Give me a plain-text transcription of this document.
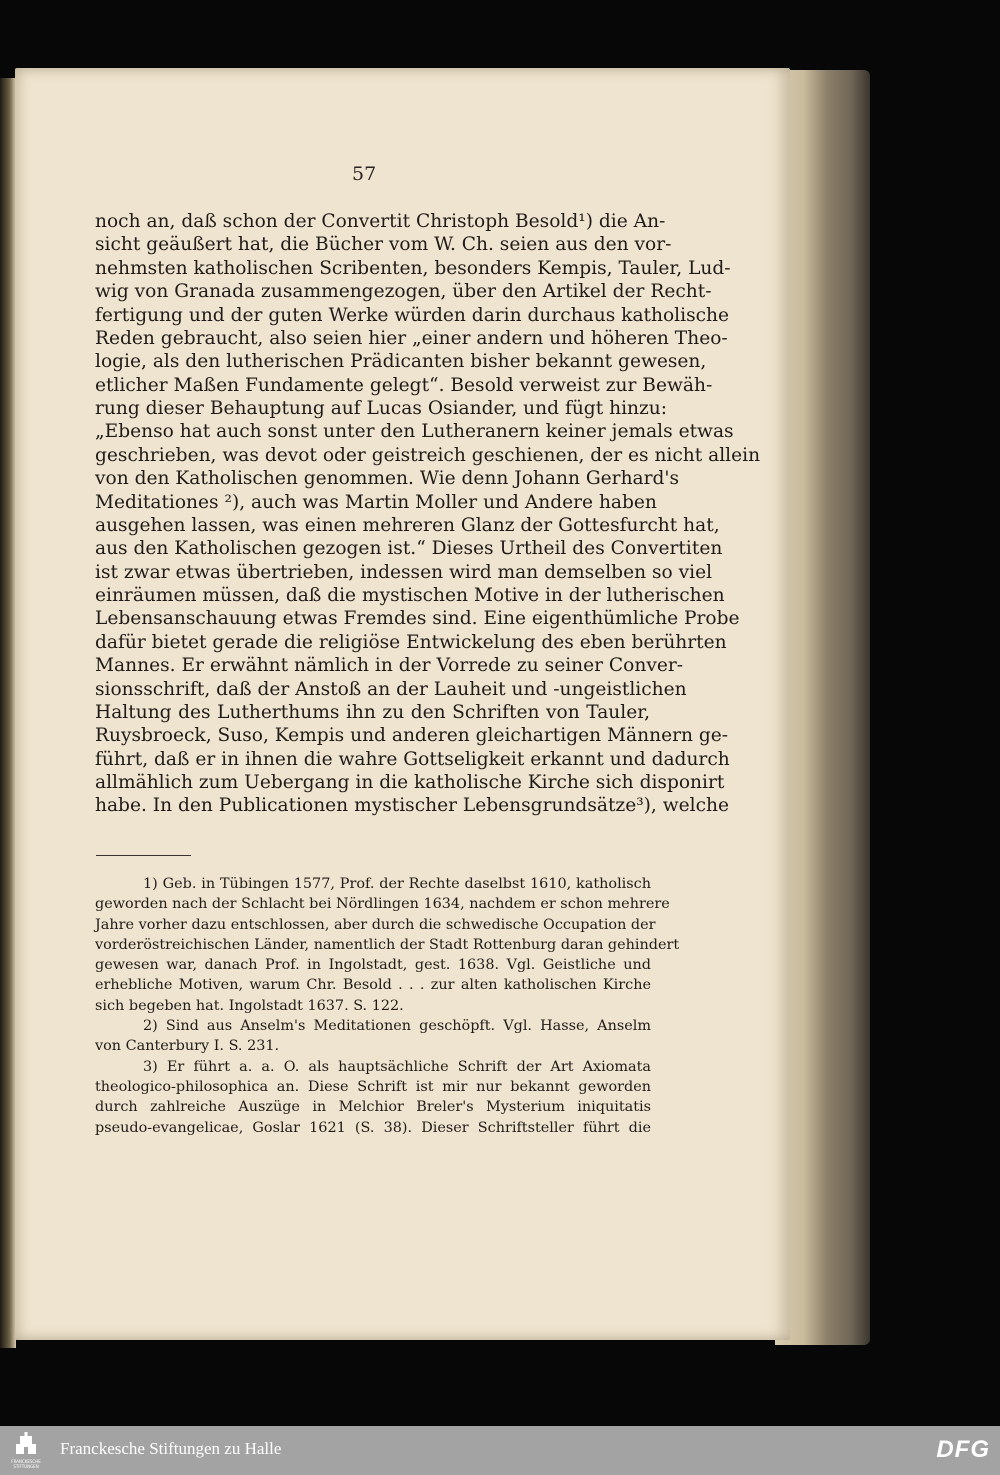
57
noch an, daß schon der Convertit Christoph Besold¹) die An-
sicht geäußert hat, die Bücher vom W. Ch. seien aus den vor-
nehmsten katholischen Scribenten, besonders Kempis, Tauler, Lud-
wig von Granada zusammengezogen, über den Artikel der Recht-
fertigung und der guten Werke würden darin durchaus katholische
Reden gebraucht, also seien hier „einer andern und höheren Theo-
logie, als den lutherischen Prädicanten bisher bekannt gewesen,
etlicher Maßen Fundamente gelegt“. Besold verweist zur Bewäh-
rung dieser Behauptung auf Lucas Osiander, und fügt hinzu:
„Ebenso hat auch sonst unter den Lutheranern keiner jemals etwas
geschrieben, was devot oder geistreich geschienen, der es nicht allein
von den Katholischen genommen. Wie denn Johann Gerhard's
Meditationes ²), auch was Martin Moller und Andere haben
ausgehen lassen, was einen mehreren Glanz der Gottesfurcht hat,
aus den Katholischen gezogen ist.“ Dieses Urtheil des Convertiten
ist zwar etwas übertrieben, indessen wird man demselben so viel
einräumen müssen, daß die mystischen Motive in der lutherischen
Lebensanschauung etwas Fremdes sind. Eine eigenthümliche Probe
dafür bietet gerade die religiöse Entwickelung des eben berührten
Mannes. Er erwähnt nämlich in der Vorrede zu seiner Conver-
sionsschrift, daß der Anstoß an der Lauheit und -ungeistlichen
Haltung des Lutherthums ihn zu den Schriften von Tauler,
Ruysbroeck, Suso, Kempis und anderen gleichartigen Männern ge-
führt, daß er in ihnen die wahre Gottseligkeit erkannt und dadurch
allmählich zum Uebergang in die katholische Kirche sich disponirt
habe. In den Publicationen mystischer Lebensgrundsätze³), welche
1) Geb. in Tübingen 1577, Prof. der Rechte daselbst 1610, katholisch
geworden nach der Schlacht bei Nördlingen 1634, nachdem er schon mehrere
Jahre vorher dazu entschlossen, aber durch die schwedische Occupation der
vorderöstreichischen Länder, namentlich der Stadt Rottenburg daran gehindert
gewesen war, danach Prof. in Ingolstadt, gest. 1638. Vgl. Geistliche und
erhebliche Motiven, warum Chr. Besold . . . zur alten katholischen Kirche
sich begeben hat. Ingolstadt 1637. S. 122.
2) Sind aus Anselm's Meditationen geschöpft. Vgl. Hasse, Anselm
von Canterbury I. S. 231.
3) Er führt a. a. O. als hauptsächliche Schrift der Art Axiomata
theologico-philosophica an. Diese Schrift ist mir nur bekannt geworden
durch zahlreiche Auszüge in Melchior Breler's Mysterium iniquitatis
pseudo-evangelicae, Goslar 1621 (S. 38). Dieser Schriftsteller führt die
FRANCKESCHE STIFTUNGEN
Franckesche Stiftungen zu Halle	DFG
